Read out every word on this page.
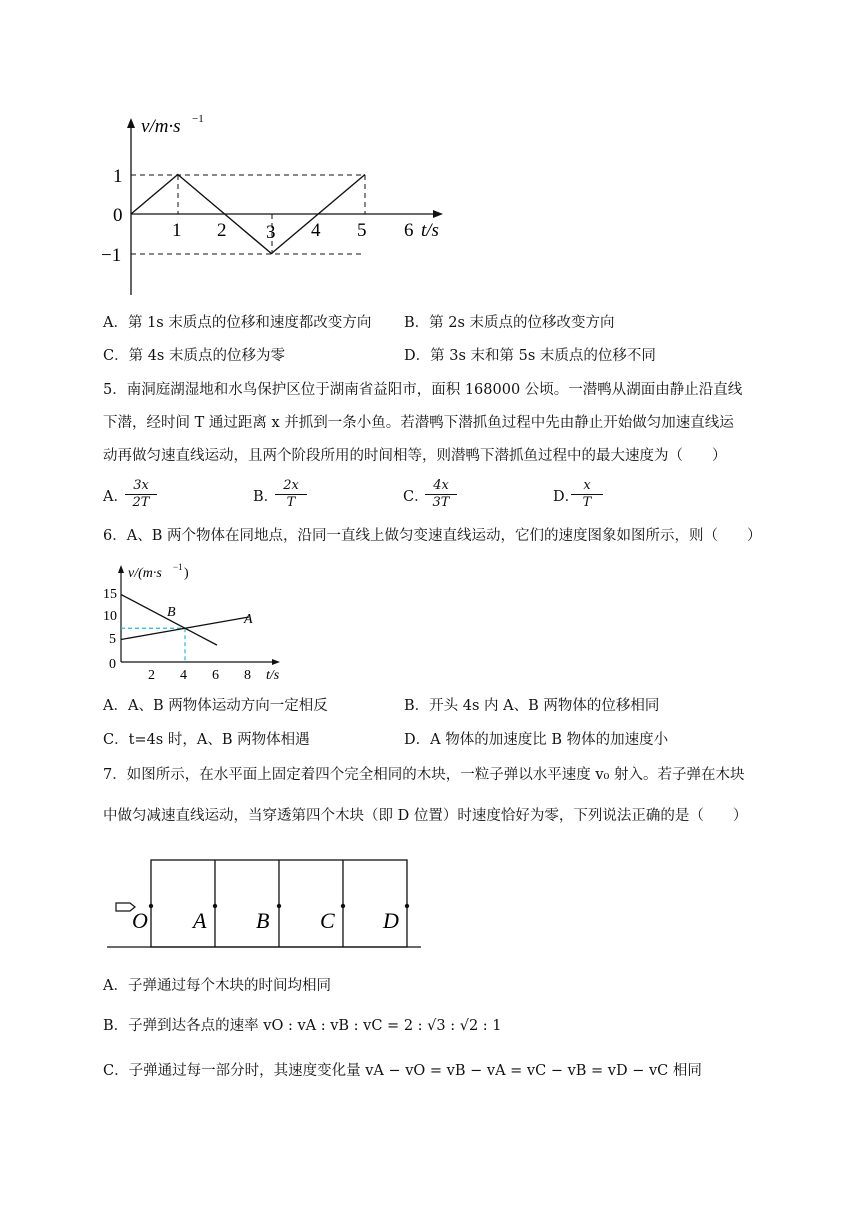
v/m·s −1
1
0
−1
1 2 3 4 5 6 t/s
A．第 1s 末质点的位移和速度都改变方向 B．第 2s 末质点的位移改变方向
C．第 4s 末质点的位移为零	D．第 3s 末和第 5s 末质点的位移不同
5．南洞庭湖湿地和水鸟保护区位于湖南省益阳市，面积 168000 公顷。一潜鸭从湖面由静止沿直线
下潜，经时间 T 通过距离 x 并抓到一条小鱼。若潜鸭下潜抓鱼过程中先由静止开始做匀加速直线运
动再做匀速直线运动，且两个阶段所用的时间相等，则潜鸭下潜抓鱼过程中的最大速度为（　　）
A．
$\frac{3x}{2T}$	B．
$\frac{2x}{T}$	C．
$\frac{4x}{3T}$	D．
$\frac{x}{T}$
6．A、B 两个物体在同地点，沿同一直线上做匀变速直线运动，它们的速度图象如图所示，则（　　）
v/(m·s −1 )
15
10
5
0
2 4 6 8 t/s
A
B
A．A、B 两物体运动方向一定相反	B．开头 4s 内 A、B 两物体的位移相同
C．t=4s 时，A、B 两物体相遇	D．A 物体的加速度比 B 物体的加速度小
7．如图所示，在水平面上固定着四个完全相同的木块，一粒子弹以水平速度 v₀ 射入。若子弹在木块
中做匀减速直线运动，当穿透第四个木块（即 D 位置）时速度恰好为零，下列说法正确的是（　　）
O A B C D
A．子弹通过每个木块的时间均相同
B．子弹到达各点的速率 vO : vA : vB : vC = 2 : √3 : √2 : 1
C．子弹通过每一部分时，其速度变化量 vA − vO = vB − vA = vC − vB = vD − vC 相同
